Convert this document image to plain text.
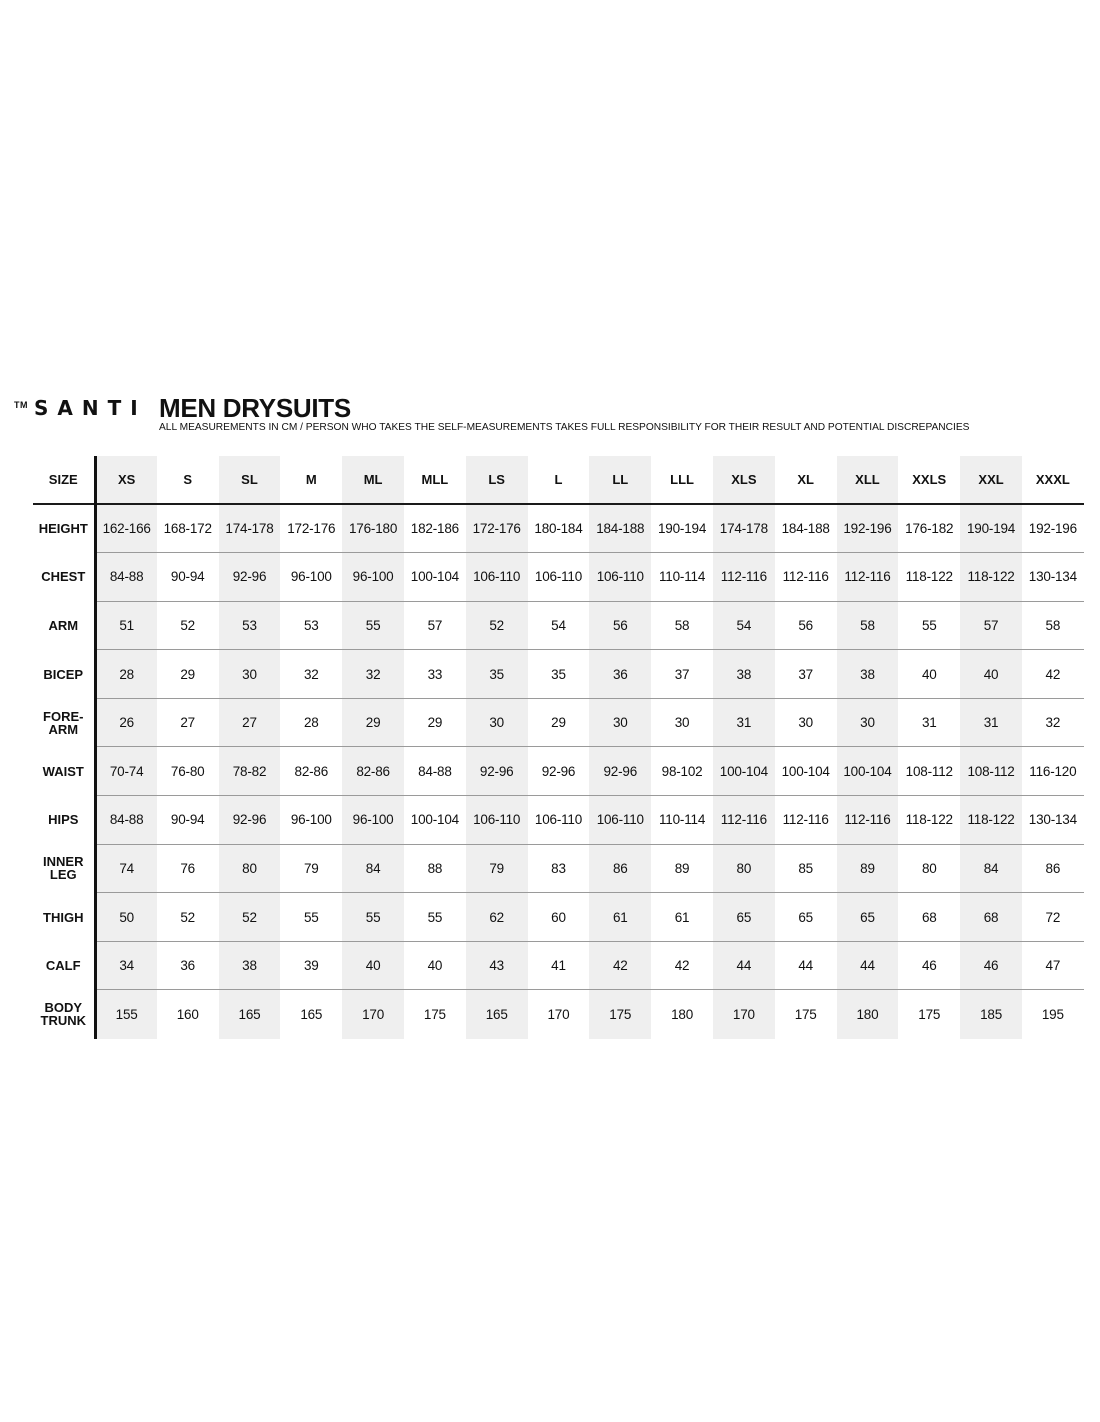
TM SANTI MEN DRYSUITS
ALL MEASUREMENTS IN CM / PERSON WHO TAKES THE SELF-MEASUREMENTS TAKES FULL RESPONSIBILITY FOR THEIR RESULT AND POTENTIAL DISCREPANCIES
SIZE	XS	S	SL	M	ML	MLL	LS	L	LL	LLL	XLS	XL	XLL	XXLS	XXL	XXXL
HEIGHT	162-166	168-172	174-178	172-176	176-180	182-186	172-176	180-184	184-188	190-194	174-178	184-188	192-196	176-182	190-194	192-196
CHEST	84-88	90-94	92-96	96-100	96-100	100-104	106-110	106-110	106-110	110-114	112-116	112-116	112-116	118-122	118-122	130-134
ARM	51	52	53	53	55	57	52	54	56	58	54	56	58	55	57	58
BICEP	28	29	30	32	32	33	35	35	36	37	38	37	38	40	40	42
FORE-
ARM	26	27	27	28	29	29	30	29	30	30	31	30	30	31	31	32
WAIST	70-74	76-80	78-82	82-86	82-86	84-88	92-96	92-96	92-96	98-102	100-104	100-104	100-104	108-112	108-112	116-120
HIPS	84-88	90-94	92-96	96-100	96-100	100-104	106-110	106-110	106-110	110-114	112-116	112-116	112-116	118-122	118-122	130-134
INNER
LEG	74	76	80	79	84	88	79	83	86	89	80	85	89	80	84	86
THIGH	50	52	52	55	55	55	62	60	61	61	65	65	65	68	68	72
CALF	34	36	38	39	40	40	43	41	42	42	44	44	44	46	46	47
BODY
TRUNK	155	160	165	165	170	175	165	170	175	180	170	175	180	175	185	195
